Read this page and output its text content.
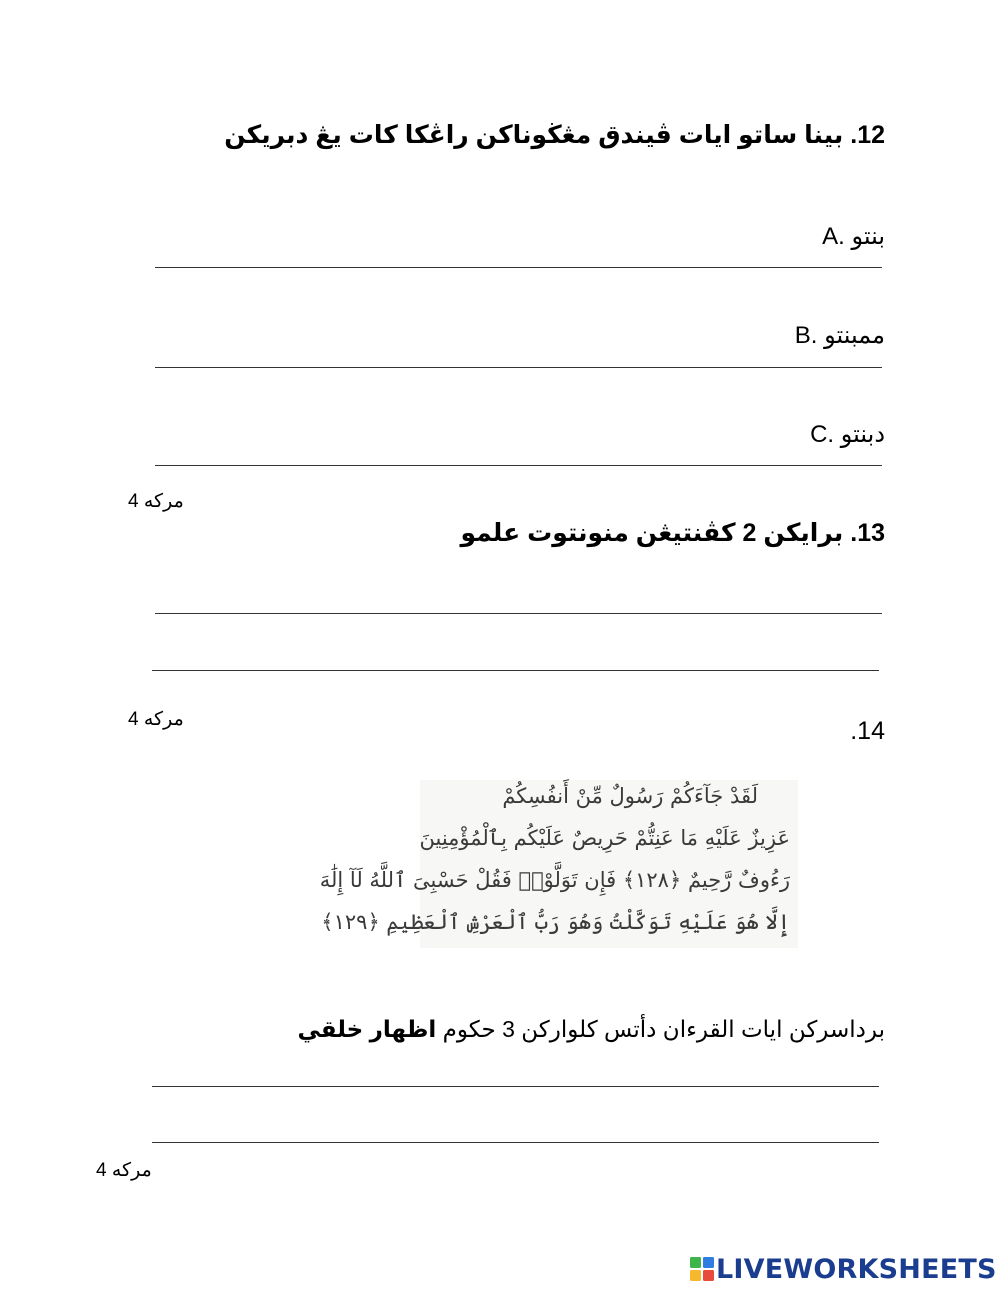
12. بينا ساتو ايات ڤيندق مڠڬوناكن راڠكا كات يڠ دبريكن
A. بنتو
B. ممبنتو
C. دبنتو
مركه 4
13. برايكن 2 كڤنتيڠن منونتوت علمو
مركه 4	.14
لَقَدْ جَآءَكُمْ رَسُولٌ مِّنْ أَنفُسِكُمْ
عَزِيزٌ عَلَيْهِ مَا عَنِتُّمْ حَرِيصٌ عَلَيْكُم بِٱلْمُؤْمِنِينَ
رَءُوفٌ رَّحِيمٌ ﴿١٢٨﴾ فَإِن تَوَلَّوْا۟ فَقُلْ حَسْبِىَ ٱللَّهُ لَآ إِلَٰهَ
إِلَّا هُوَ عَلَيْهِ تَوَكَّلْتُ وَهُوَ رَبُّ ٱلْعَرْشِ ٱلْعَظِيمِ ﴿١٢٩﴾
برداسركن ايات القرءان دأتس كلواركن 3 حكوم اظهار خلقي
مركه 4
LIVEWORKSHEETS
